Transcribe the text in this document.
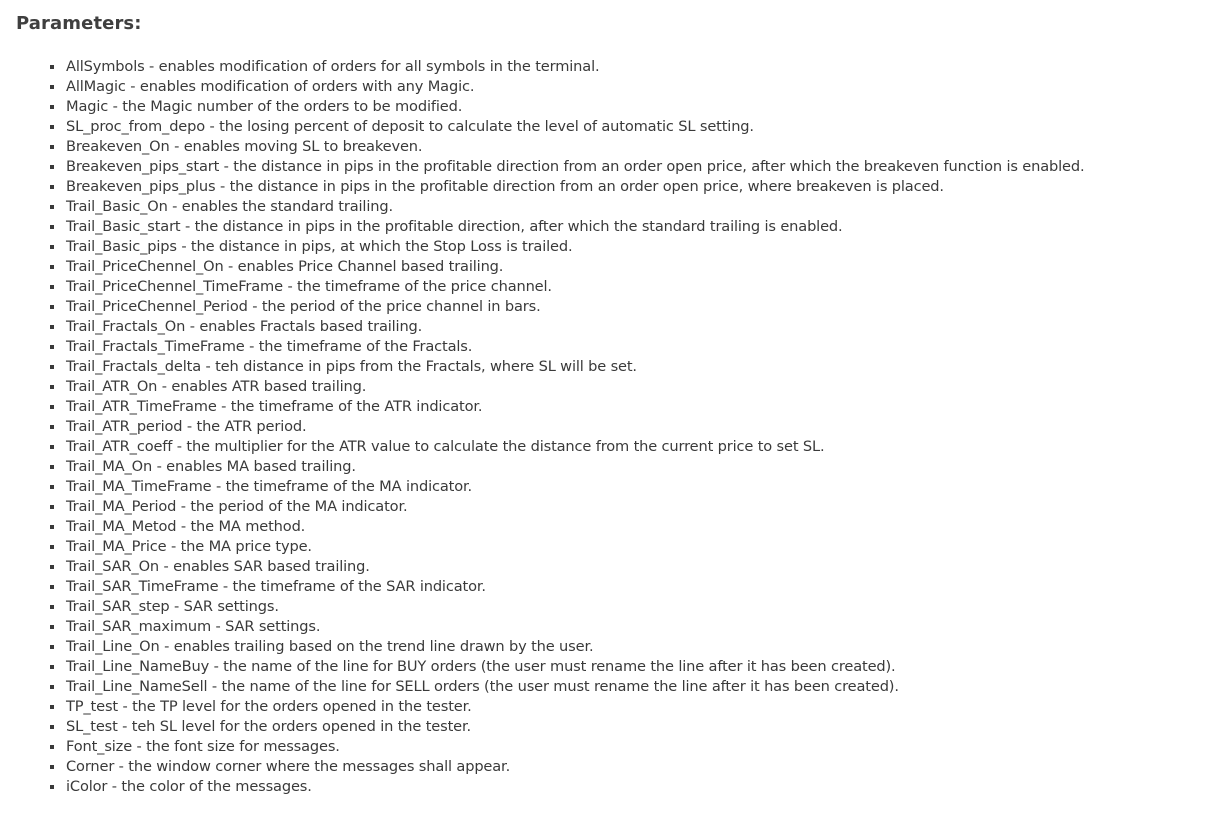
Parameters:
AllSymbols - enables modification of orders for all symbols in the terminal.
AllMagic - enables modification of orders with any Magic.
Magic - the Magic number of the orders to be modified.
SL_proc_from_depo - the losing percent of deposit to calculate the level of automatic SL setting.
Breakeven_On - enables moving SL to breakeven.
Breakeven_pips_start - the distance in pips in the profitable direction from an order open price, after which the breakeven function is enabled.
Breakeven_pips_plus - the distance in pips in the profitable direction from an order open price, where breakeven is placed.
Trail_Basic_On - enables the standard trailing.
Trail_Basic_start - the distance in pips in the profitable direction, after which the standard trailing is enabled.
Trail_Basic_pips - the distance in pips, at which the Stop Loss is trailed.
Trail_PriceChennel_On - enables Price Channel based trailing.
Trail_PriceChennel_TimeFrame - the timeframe of the price channel.
Trail_PriceChennel_Period - the period of the price channel in bars.
Trail_Fractals_On - enables Fractals based trailing.
Trail_Fractals_TimeFrame - the timeframe of the Fractals.
Trail_Fractals_delta - teh distance in pips from the Fractals, where SL will be set.
Trail_ATR_On - enables ATR based trailing.
Trail_ATR_TimeFrame - the timeframe of the ATR indicator.
Trail_ATR_period - the ATR period.
Trail_ATR_coeff - the multiplier for the ATR value to calculate the distance from the current price to set SL.
Trail_MA_On - enables MA based trailing.
Trail_MA_TimeFrame - the timeframe of the MA indicator.
Trail_MA_Period - the period of the MA indicator.
Trail_MA_Metod - the MA method.
Trail_MA_Price - the MA price type.
Trail_SAR_On - enables SAR based trailing.
Trail_SAR_TimeFrame - the timeframe of the SAR indicator.
Trail_SAR_step - SAR settings.
Trail_SAR_maximum - SAR settings.
Trail_Line_On - enables trailing based on the trend line drawn by the user.
Trail_Line_NameBuy - the name of the line for BUY orders (the user must rename the line after it has been created).
Trail_Line_NameSell - the name of the line for SELL orders (the user must rename the line after it has been created).
TP_test - the TP level for the orders opened in the tester.
SL_test - teh SL level for the orders opened in the tester.
Font_size - the font size for messages.
Corner - the window corner where the messages shall appear.
iColor - the color of the messages.
